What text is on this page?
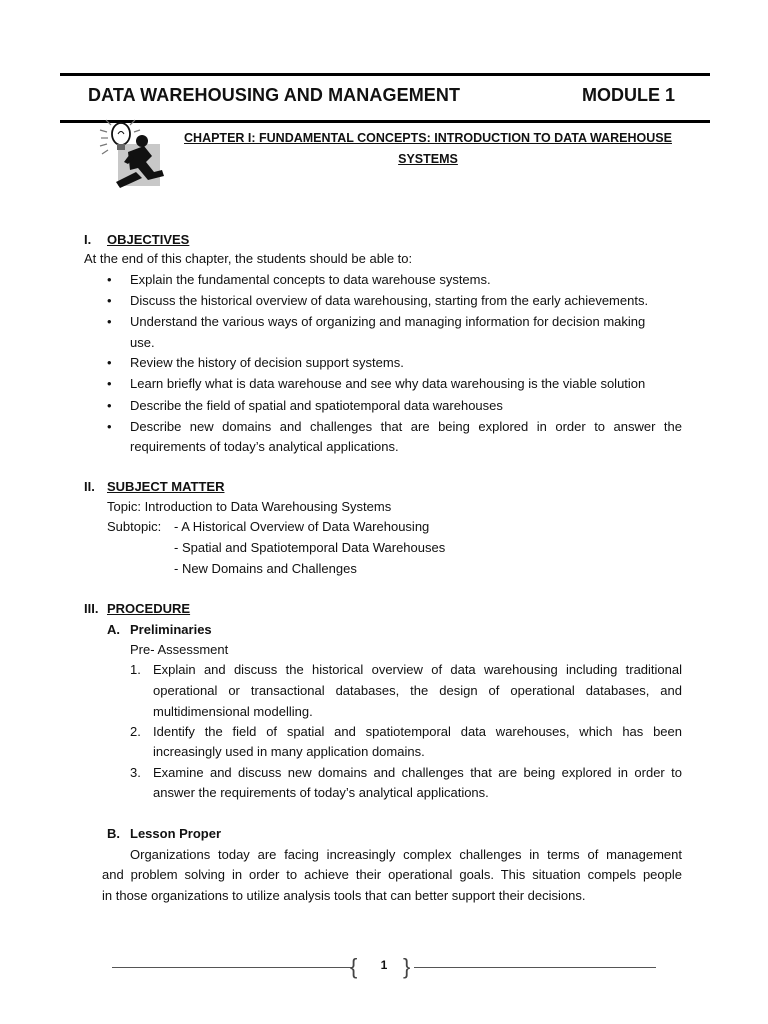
DATA WAREHOUSING AND MANAGEMENT	MODULE 1
CHAPTER I: FUNDAMENTAL CONCEPTS: INTRODUCTION TO DATA WAREHOUSE
SYSTEMS
I. OBJECTIVES
At the end of this chapter, the students should be able to:
• Explain the fundamental concepts to data warehouse systems.
• Discuss the historical overview of data warehousing, starting from the early achievements.
• Understand the various ways of organizing and managing information for decision making
use.
• Review the history of decision support systems.
• Learn briefly what is data warehouse and see why data warehousing is the viable solution
• Describe the field of spatial and spatiotemporal data warehouses
• Describe new domains and challenges that are being explored in order to answer the
requirements of today’s analytical applications.
II. SUBJECT MATTER
Topic: Introduction to Data Warehousing Systems
Subtopic: - A Historical Overview of Data Warehousing
- Spatial and Spatiotemporal Data Warehouses
- New Domains and Challenges
III. PROCEDURE
A. Preliminaries
Pre- Assessment
1. Explain and discuss the historical overview of data warehousing including traditional
operational or transactional databases, the design of operational databases, and
multidimensional modelling.
2. Identify the field of spatial and spatiotemporal data warehouses, which has been
increasingly used in many application domains.
3. Examine and discuss new domains and challenges that are being explored in order to
answer the requirements of today’s analytical applications.
B. Lesson Proper
Organizations today are facing increasingly complex challenges in terms of management
and problem solving in order to achieve their operational goals. This situation compels people
in those organizations to utilize analysis tools that can better support their decisions.
{	1 }
